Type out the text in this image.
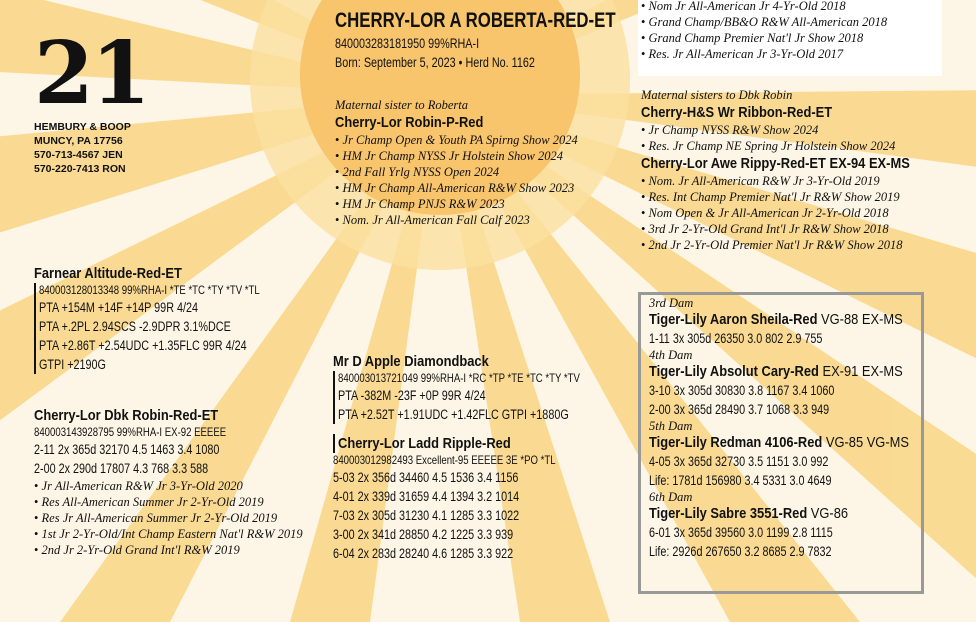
21
HEMBURY & BOOP
MUNCY, PA 17756
570-713-4567 JEN
570-220-7413 RON
CHERRY-LOR A ROBERTA-RED-ET
840003283181950 99%RHA-I
Born: September 5, 2023 • Herd No. 1162
Maternal sister to Roberta
Cherry-Lor Robin-P-Red
• Jr Champ Open & Youth PA Spirng Show 2024
• HM Jr Champ NYSS Jr Holstein Show 2024
• 2nd Fall Yrlg NYSS Open 2024
• HM Jr Champ All-American R&W Show 2023
• HM Jr Champ PNJS R&W 2023
• Nom. Jr All-American Fall Calf 2023
• Nom Jr All-American Jr 4-Yr-Old 2018
• Grand Champ/BB&O R&W All-American 2018
• Grand Champ Premier Nat'l Jr Show 2018
• Res. Jr All-American Jr 3-Yr-Old 2017
Maternal sisters to Dbk Robin
Cherry-H&S Wr Ribbon-Red-ET
• Jr Champ NYSS R&W Show 2024
• Res. Jr Champ NE Spring Jr Holstein Show 2024
Cherry-Lor Awe Rippy-Red-ET EX-94 EX-MS
• Nom. Jr All-American R&W Jr 3-Yr-Old 2019
• Res. Int Champ Premier Nat'l Jr R&W Show 2019
• Nom Open & Jr All-American Jr 2-Yr-Old 2018
• 3rd Jr 2-Yr-Old Grand Int'l Jr R&W Show 2018
• 2nd Jr 2-Yr-Old Premier Nat'l Jr R&W Show 2018
Farnear Altitude-Red-ET
840003128013348 99%RHA-I *TE *TC *TY *TV *TL
PTA +154M +14F +14P 99R 4/24
PTA +.2PL 2.94SCS -2.9DPR 3.1%DCE
PTA +2.86T +2.54UDC +1.35FLC 99R 4/24
GTPI +2190G
Cherry-Lor Dbk Robin-Red-ET
840003143928795 99%RHA-I EX-92 EEEEE
2-11 2x 365d 32170 4.5 1463 3.4 1080
2-00 2x 290d 17807 4.3 768 3.3 588
• Jr All-American R&W Jr 3-Yr-Old 2020
• Res All-American Summer Jr 2-Yr-Old 2019
• Res Jr All-American Summer Jr 2-Yr-Old 2019
• 1st Jr 2-Yr-Old/Int Champ Eastern Nat'l R&W 2019
• 2nd Jr 2-Yr-Old Grand Int'l R&W 2019
Mr D Apple Diamondback
840003013721049 99%RHA-I *RC *TP *TE *TC *TY *TV
PTA -382M -23F +0P 99R 4/24
PTA +2.52T +1.91UDC +1.42FLC GTPI +1880G
Cherry-Lor Ladd Ripple-Red
840003012982493 Excellent-95 EEEEE 3E *PO *TL
5-03 2x 356d 34460 4.5 1536 3.4 1156
4-01 2x 339d 31659 4.4 1394 3.2 1014
7-03 2x 305d 31230 4.1 1285 3.3 1022
3-00 2x 341d 28850 4.2 1225 3.3 939
6-04 2x 283d 28240 4.6 1285 3.3 922
3rd Dam
Tiger-Lily Aaron Sheila-Red VG-88 EX-MS
1-11 3x 305d 26350 3.0 802 2.9 755
4th Dam
Tiger-Lily Absolut Cary-Red EX-91 EX-MS
3-10 3x 305d 30830 3.8 1167 3.4 1060
2-00 3x 365d 28490 3.7 1068 3.3 949
5th Dam
Tiger-Lily Redman 4106-Red VG-85 VG-MS
4-05 3x 365d 32730 3.5 1151 3.0 992
Life: 1781d 156980 3.4 5331 3.0 4649
6th Dam
Tiger-Lily Sabre 3551-Red VG-86
6-01 3x 365d 39560 3.0 1199 2.8 1115
Life: 2926d 267650 3.2 8685 2.9 7832
